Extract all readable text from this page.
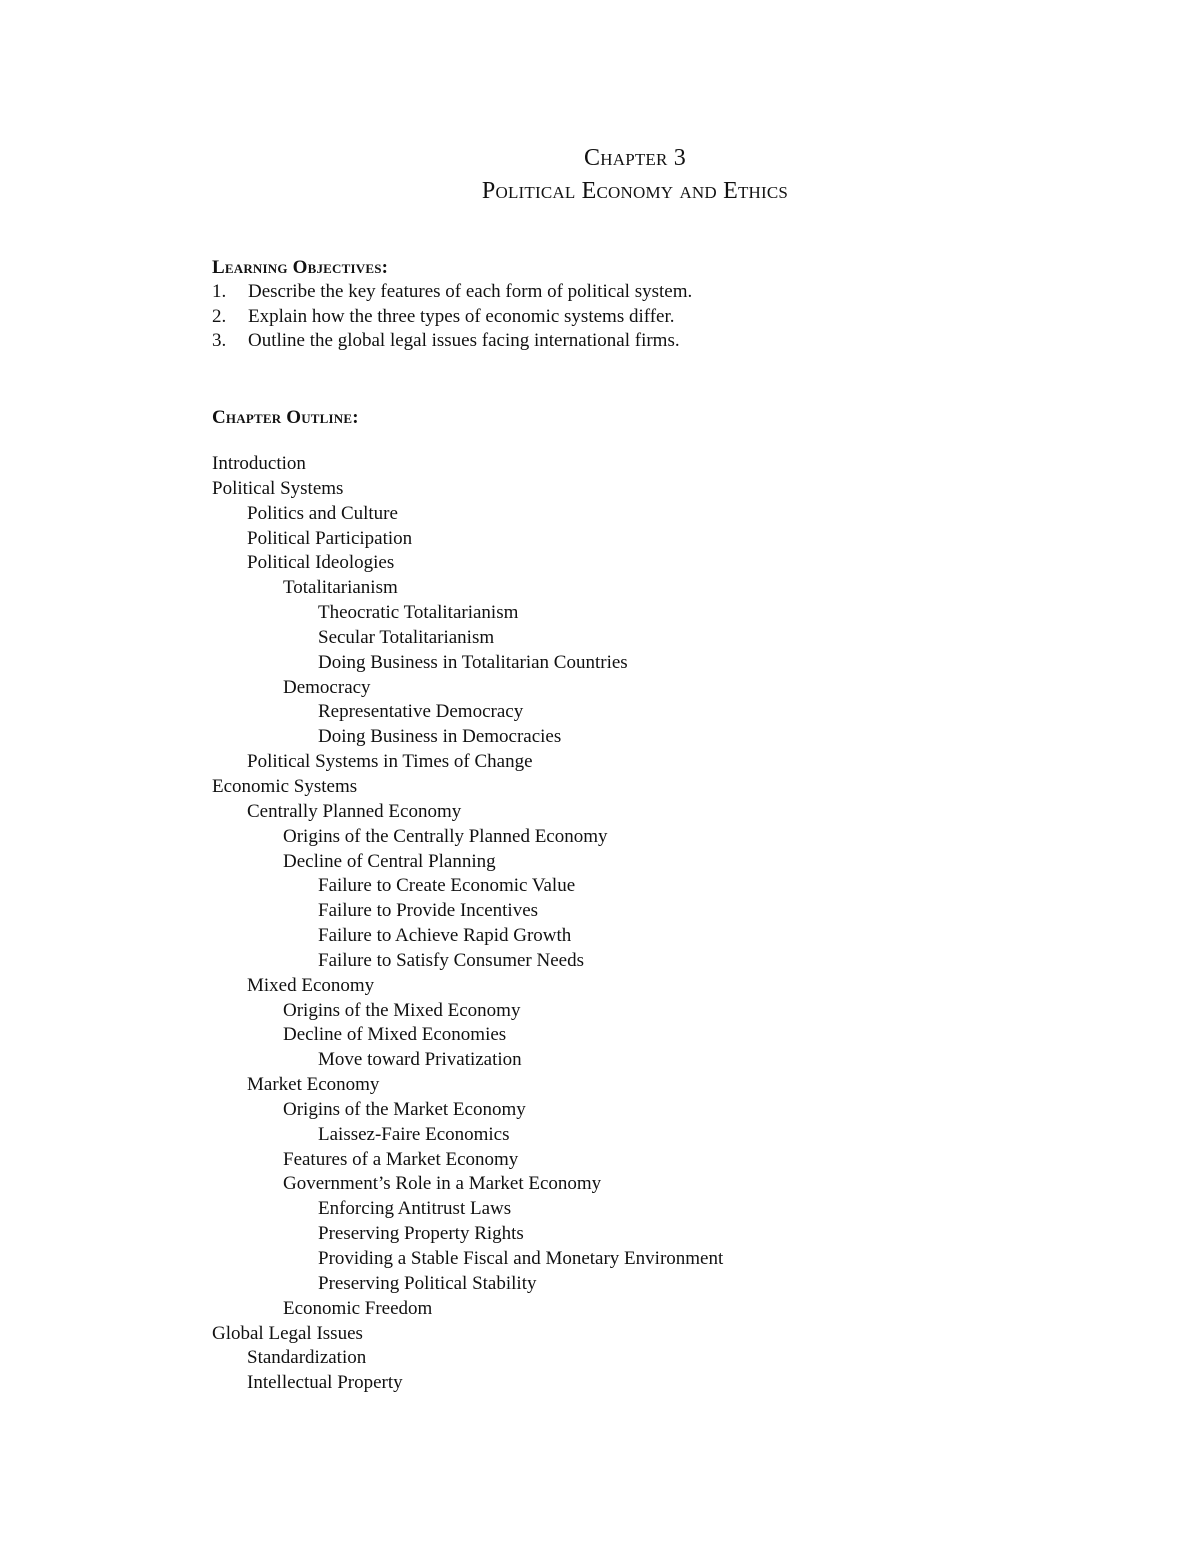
Chapter 3
Political Economy and Ethics
Learning Objectives:
1. Describe the key features of each form of political system.
2. Explain how the three types of economic systems differ.
3. Outline the global legal issues facing international firms.
Chapter Outline:
Introduction
Political Systems
Politics and Culture
Political Participation
Political Ideologies
Totalitarianism
Theocratic Totalitarianism
Secular Totalitarianism
Doing Business in Totalitarian Countries
Democracy
Representative Democracy
Doing Business in Democracies
Political Systems in Times of Change
Economic Systems
Centrally Planned Economy
Origins of the Centrally Planned Economy
Decline of Central Planning
Failure to Create Economic Value
Failure to Provide Incentives
Failure to Achieve Rapid Growth
Failure to Satisfy Consumer Needs
Mixed Economy
Origins of the Mixed Economy
Decline of Mixed Economies
Move toward Privatization
Market Economy
Origins of the Market Economy
Laissez-Faire Economics
Features of a Market Economy
Government’s Role in a Market Economy
Enforcing Antitrust Laws
Preserving Property Rights
Providing a Stable Fiscal and Monetary Environment
Preserving Political Stability
Economic Freedom
Global Legal Issues
Standardization
Intellectual Property
